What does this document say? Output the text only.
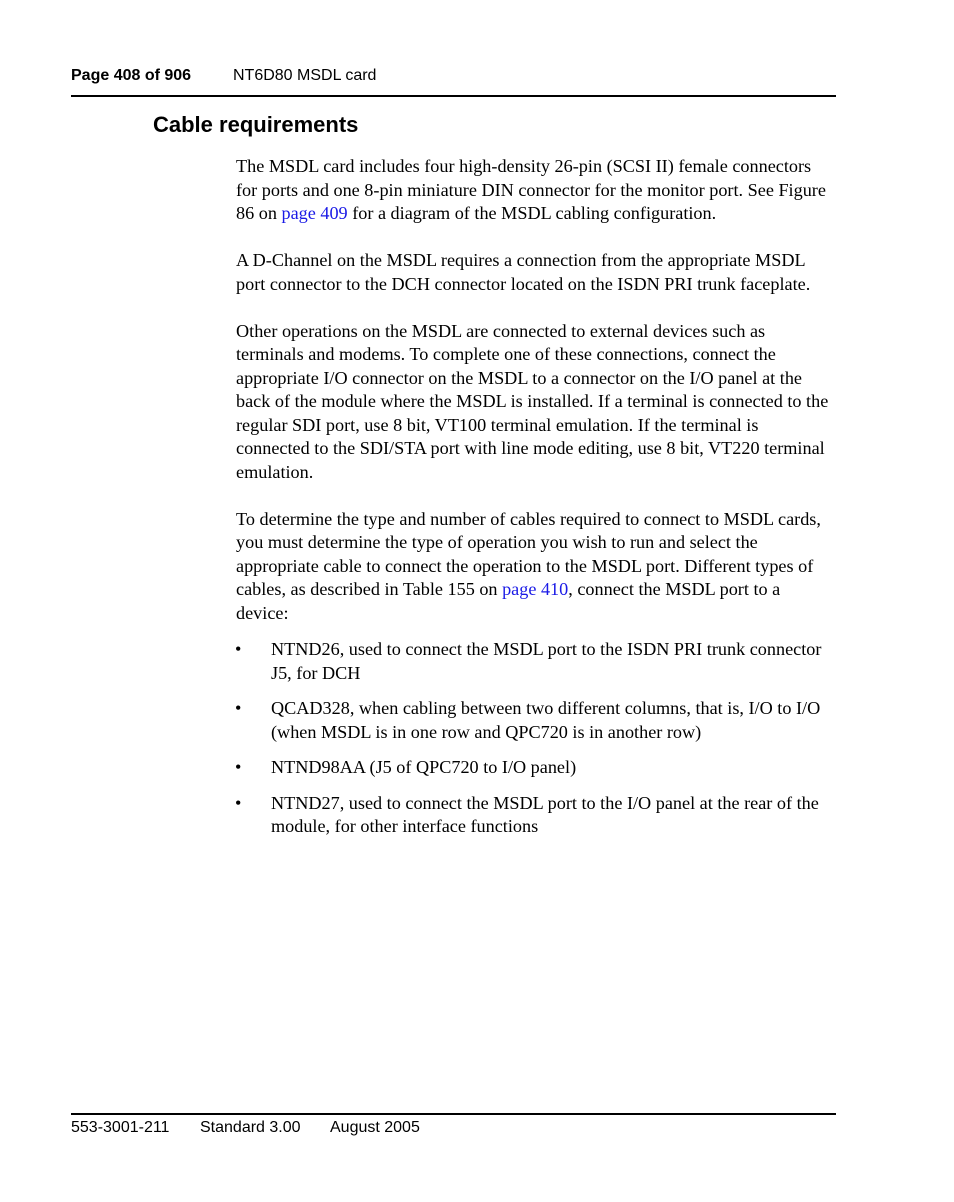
Page 408 of 906	NT6D80 MSDL card
Cable requirements

The MSDL card includes four high-density 26-pin (SCSI II) female connectors for ports and one 8-pin miniature DIN connector for the monitor port. See Figure 86 on page 409 for a diagram of the MSDL cabling configuration.

A D-Channel on the MSDL requires a connection from the appropriate MSDL port connector to the DCH connector located on the ISDN PRI trunk faceplate.

Other operations on the MSDL are connected to external devices such as terminals and modems. To complete one of these connections, connect the appropriate I/O connector on the MSDL to a connector on the I/O panel at the back of the module where the MSDL is installed. If a terminal is connected to the regular SDI port, use 8 bit, VT100 terminal emulation. If the terminal is connected to the SDI/STA port with line mode editing, use 8 bit, VT220 terminal emulation.

To determine the type and number of cables required to connect to MSDL cards, you must determine the type of operation you wish to run and select the appropriate cable to connect the operation to the MSDL port. Different types of cables, as described in Table 155 on page 410, connect the MSDL port to a device:

• NTND26, used to connect the MSDL port to the ISDN PRI trunk connector J5, for DCH
• QCAD328, when cabling between two different columns, that is, I/O to I/O (when MSDL is in one row and QPC720 is in another row)
• NTND98AA (J5 of QPC720 to I/O panel)
• NTND27, used to connect the MSDL port to the I/O panel at the rear of the module, for other interface functions
553-3001-211 Standard 3.00 August 2005
